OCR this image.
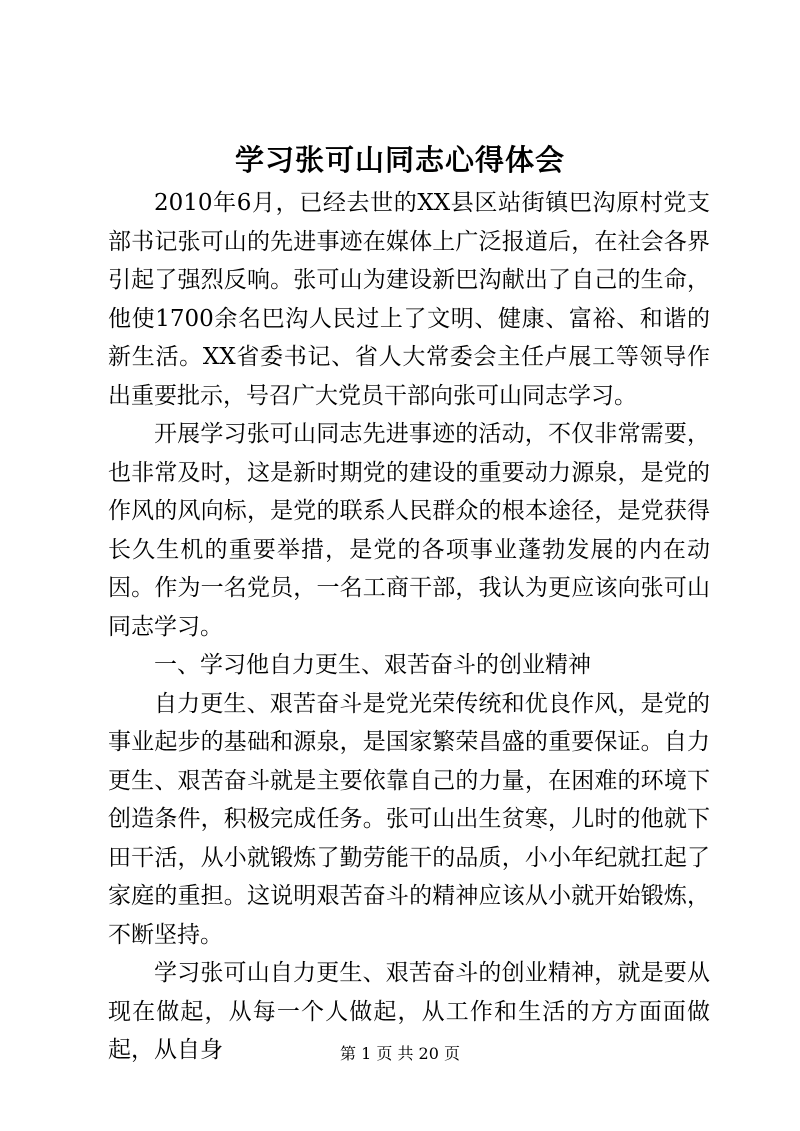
学习张可山同志心得体会

2010年6月，已经去世的XX县区站街镇巴沟原村党支部书记张可山的先进事迹在媒体上广泛报道后，在社会各界引起了强烈反响。张可山为建设新巴沟献出了自己的生命，他使1700余名巴沟人民过上了文明、健康、富裕、和谐的新生活。XX省委书记、省人大常委会主任卢展工等领导作出重要批示，号召广大党员干部向张可山同志学习。

开展学习张可山同志先进事迹的活动，不仅非常需要，也非常及时，这是新时期党的建设的重要动力源泉，是党的作风的风向标，是党的联系人民群众的根本途径，是党获得长久生机的重要举措，是党的各项事业蓬勃发展的内在动因。作为一名党员，一名工商干部，我认为更应该向张可山同志学习。

一、学习他自力更生、艰苦奋斗的创业精神

自力更生、艰苦奋斗是党光荣传统和优良作风，是党的事业起步的基础和源泉，是国家繁荣昌盛的重要保证。自力更生、艰苦奋斗就是主要依靠自己的力量，在困难的环境下创造条件，积极完成任务。张可山出生贫寒，儿时的他就下田干活，从小就锻炼了勤劳能干的品质，小小年纪就扛起了家庭的重担。这说明艰苦奋斗的精神应该从小就开始锻炼，不断坚持。

学习张可山自力更生、艰苦奋斗的创业精神，就是要从现在做起，从每一个人做起，从工作和生活的方方面面做起，从自身	第 1 页 共 20 页
